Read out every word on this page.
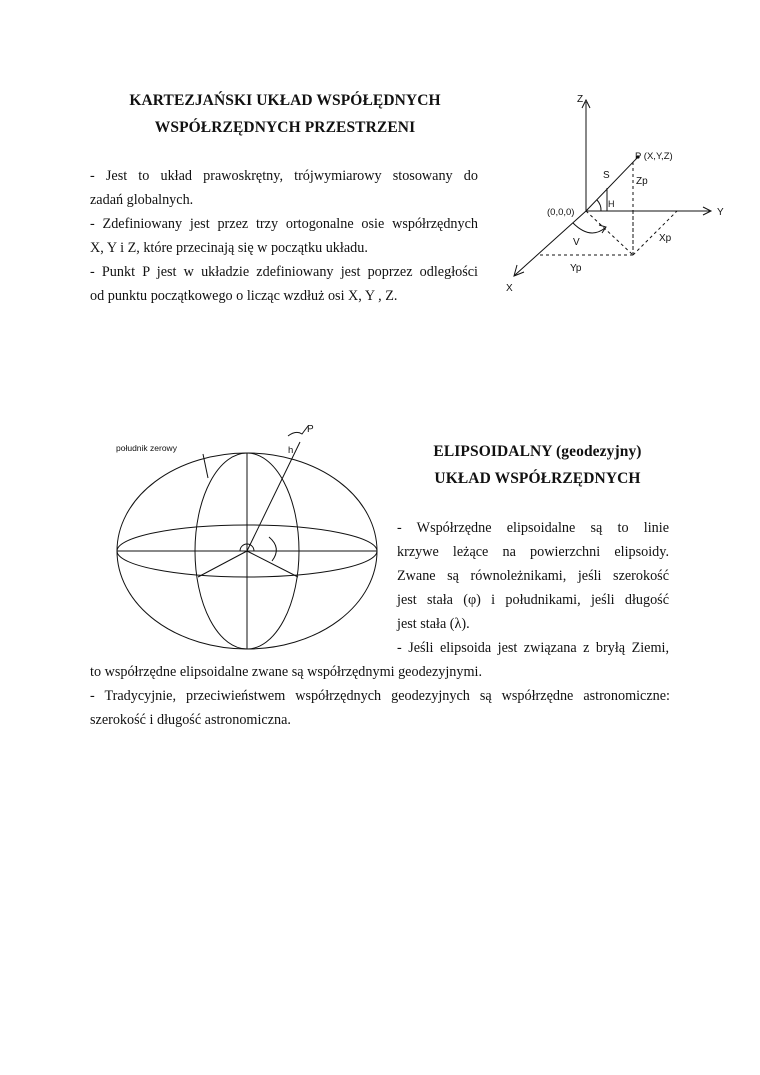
KARTEZJAŃSKI UKŁAD WSPÓŁĘDNYCH
WSPÓŁRZĘDNYCH PRZESTRZENI
- Jest to układ prawoskrętny, trójwymiarowy stosowany do
zadań globalnych.
- Zdefiniowany jest przez trzy ortogonalne osie współrzędnych
X, Y i Z, które przecinają się w początku układu.
- Punkt P jest w układzie zdefiniowany jest poprzez odległości
od punktu początkowego o licząc wzdłuż osi X, Y , Z.
Z
Y
X
P (X,Y,Z)
(0,0,0)
S
H
V
Zp
Xp
Yp
południk zerowy
P
h	ELIPSOIDALNY (geodezyjny)
UKŁAD WSPÓŁRZĘDNYCH
- Współrzędne elipsoidalne są to linie
krzywe leżące na powierzchni elipsoidy.
Zwane są równoleżnikami, jeśli szerokość
jest stała (φ) i południkami, jeśli długość
jest stała (λ).
- Jeśli elipsoida jest związana z bryłą Ziemi,
to współrzędne elipsoidalne zwane są współrzędnymi geodezyjnymi.
- Tradycyjnie, przeciwieństwem współrzędnych geodezyjnych są współrzędne astronomiczne:
szerokość i długość astronomiczna.
